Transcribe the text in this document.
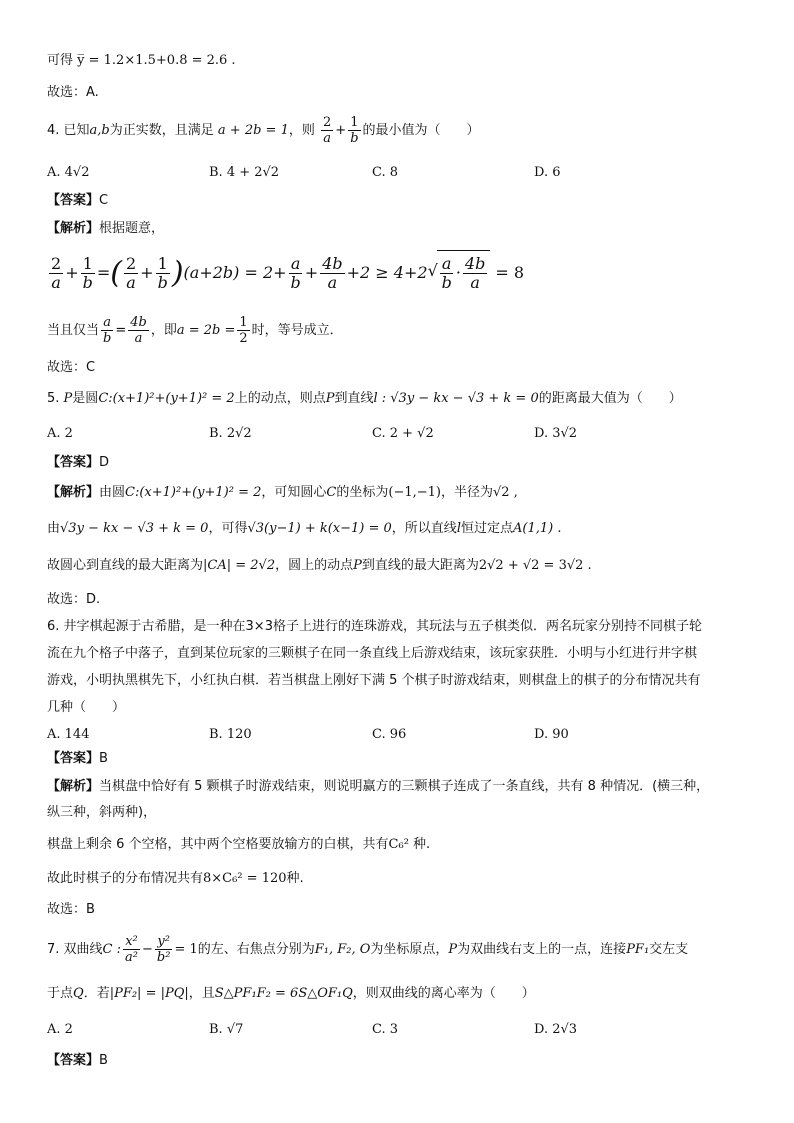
可得 y̅ = 1.2×1.5+0.8 = 2.6 .
故选：A.
4. 已知a,b为正实数，且满足 a + 2b = 1，则 $\frac{2}{a} + \frac{1}{b}$ 的最小值为（　　）
A. 4√2	B. 4 + 2√2	C. 8	D. 6
【答案】C
【解析】根据题意，
$\frac{2}{a} + \frac{1}{b}$ =( $\frac{2}{a} + \frac{1}{b} )(a+2b) = 2+ \frac{a}{b} + \frac{4b}{a} +2 \ge 4+2$
√ $\frac{a}{b} \cdot \frac{4b}{a} = 8$
当且仅当 $\frac{a}{b} = \frac{4b}{a}$ ，即$a = 2b = \frac{1}{2}$ 时，等号成立．
故选：C
5. P是圆C:(x+1)²+(y+1)² = 2上的动点，则点P到直线l : √3y − kx − √3 + k = 0的距离最大值为（　　）
A. 2	B. 2√2	C. 2 + √2	D. 3√2
【答案】D
【解析】由圆C:(x+1)²+(y+1)² = 2，可知圆心C的坐标为(−1,−1)，半径为√2 ,
由√3y − kx − √3 + k = 0，可得√3(y−1) + k(x−1) = 0，所以直线l恒过定点A(1,1) .
故圆心到直线的最大距离为|CA| = 2√2，圆上的动点P到直线的最大距离为2√2 + √2 = 3√2 .
故选：D.
6. 井字棋起源于古希腊，是一种在3×3格子上进行的连珠游戏，其玩法与五子棋类似．两名玩家分别持不同棋子轮
流在九个格子中落子，直到某位玩家的三颗棋子在同一条直线上后游戏结束，该玩家获胜．小明与小红进行井字棋
游戏，小明执黑棋先下，小红执白棋．若当棋盘上刚好下满 5 个棋子时游戏结束，则棋盘上的棋子的分布情况共有
几种（　　）
A. 144	B. 120	C. 96	D. 90
【答案】B
【解析】当棋盘中恰好有 5 颗棋子时游戏结束，则说明赢方的三颗棋子连成了一条直线，共有 8 种情况．(横三种，
纵三种，斜两种)，
棋盘上剩余 6 个空格，其中两个空格要放输方的白棋，共有C₆² 种.
故此时棋子的分布情况共有8×C₆² = 120种.
故选：B
7. 双曲线C : $\frac{\text{x²}}{\text{a²}} - \frac{\text{y²}}{\text{b²}} = 1$的左、右焦点分别为F₁, F₂, O为坐标原点，P为双曲线右支上的一点，连接PF₁交左支
于点Q．若|PF₂| = |PQ|，且S△PF₁F₂ = 6S△OF₁Q，则双曲线的离心率为（　　）
A. 2	B. √7	C. 3	D. 2√3
【答案】B
